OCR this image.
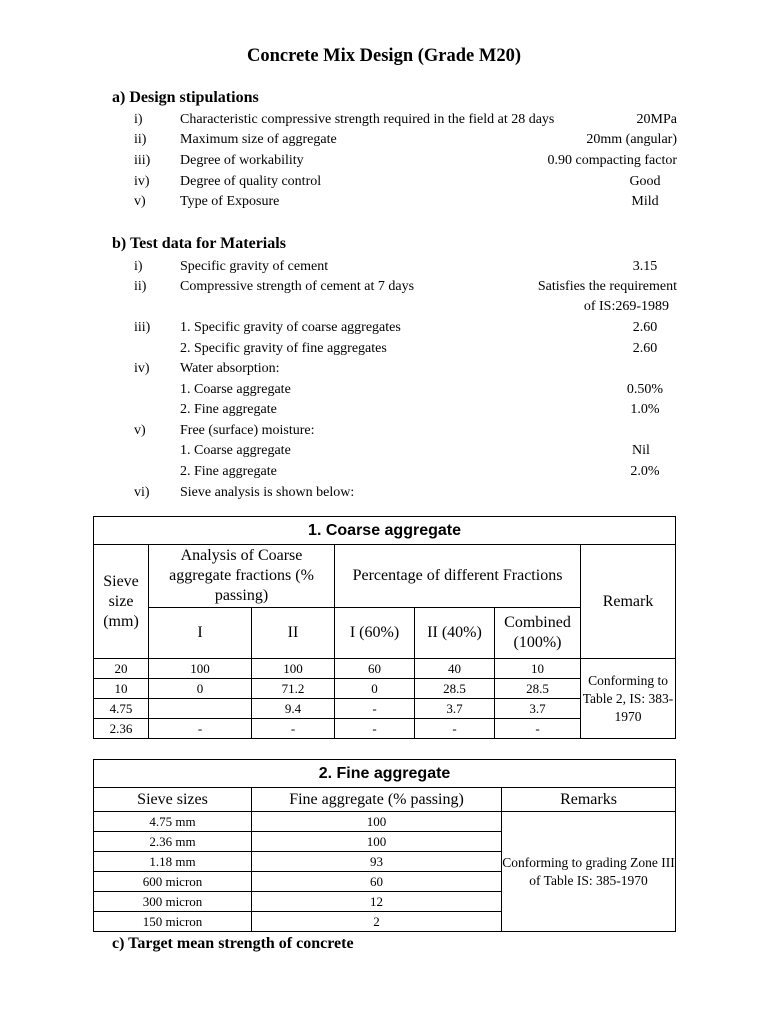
Concrete Mix Design (Grade M20)
a) Design stipulations
i)	Characteristic compressive strength required in the field at 28 days	20MPa
ii) Maximum size of aggregate	20mm (angular)
iii) Degree of workability	0.90 compacting factor
iv) Degree of quality control	Good
v) Type of Exposure	Mild
b) Test data for Materials
i)	Specific gravity of cement	3.15
ii) Compressive strength of cement at 7 days	Satisfies the requirement
of IS:269-1989
iii) 1. Specific gravity of coarse aggregates	2.60
2. Specific gravity of fine aggregates	2.60
iv) Water absorption:
1. Coarse aggregate	0.50%
2. Fine aggregate	1.0%
v) Free (surface) moisture:
1. Coarse aggregate	Nil
2. Fine aggregate	2.0%
vi) Sieve analysis is shown below:
1. Coarse aggregate						
Sieve size (mm)	Analysis of Coarse aggregate fractions (% passing)		Percentage of different Fractions			Remark
	I	II	I (60%)	II (40%)	Combined (100%)	
20	100	100	60	40	10	Conforming to Table 2, IS: 383-1970
10	0	71.2	0	28.5	28.5	
4.75		9.4	-	3.7	3.7	
2.36	-	-	-	-	-	
2. Fine aggregate		
Sieve sizes	Fine aggregate (% passing)	Remarks
4.75 mm	100	Conforming to grading Zone III of Table IS: 385-1970
2.36 mm	100	
1.18 mm	93	
600 micron	60	
300 micron	12	
150 micron	2	
c) Target mean strength of concrete
